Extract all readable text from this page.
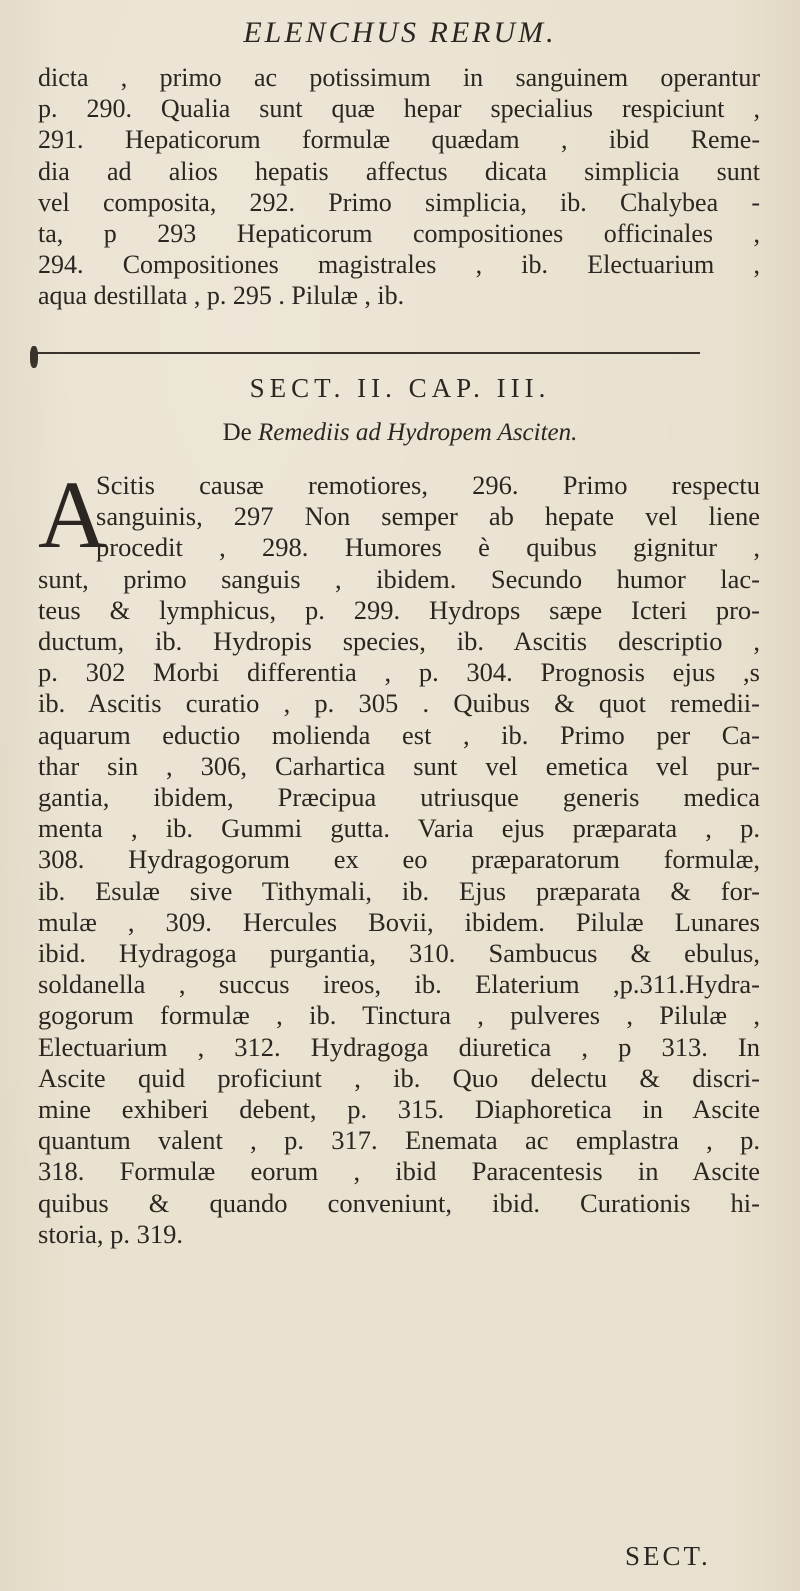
ELENCHUS RERUM.
dicta , primo ac potissimum in sanguinem operantur
p. 290. Qualia sunt quæ hepar specialius respiciunt ,
291. Hepaticorum formulæ quædam , ibid Reme-
dia ad alios hepatis affectus dicata simplicia sunt
vel composita, 292. Primo simplicia, ib. Chalybea -
ta, p 293 Hepaticorum compositiones officinales ,
294. Compositiones magistrales , ib. Electuarium ,
aqua destillata , p. 295 . Pilulæ , ib.
SECT. II. CAP. III.
De Remediis ad Hydropem Asciten.
A
Scitis causæ remotiores, 296. Primo respectu
sanguinis, 297 Non semper ab hepate vel liene
procedit , 298. Humores è quibus gignitur ,
sunt, primo sanguis , ibidem. Secundo humor lac-
teus & lymphicus, p. 299. Hydrops sæpe Icteri pro-
ductum, ib. Hydropis species, ib. Ascitis descriptio ,
p. 302 Morbi differentia , p. 304. Prognosis ejus ,s
ib. Ascitis curatio , p. 305 . Quibus & quot remedii-
aquarum eductio molienda est , ib. Primo per Ca-
thar sin , 306, Carhartica sunt vel emetica vel pur-
gantia, ibidem, Præcipua utriusque generis medica
menta , ib. Gummi gutta. Varia ejus præparata , p.
308. Hydragogorum ex eo præparatorum formulæ,
ib. Esulæ sive Tithymali, ib. Ejus præparata & for-
mulæ , 309. Hercules Bovii, ibidem. Pilulæ Lunares
ibid. Hydragoga purgantia, 310. Sambucus & ebulus,
soldanella , succus ireos, ib. Elaterium ,p.311.Hydra-
gogorum formulæ , ib. Tinctura , pulveres , Pilulæ ,
Electuarium , 312. Hydragoga diuretica , p 313. In
Ascite quid proficiunt , ib. Quo delectu & discri-
mine exhiberi debent, p. 315. Diaphoretica in Ascite
quantum valent , p. 317. Enemata ac emplastra , p.
318. Formulæ eorum , ibid Paracentesis in Ascite
quibus & quando conveniunt, ibid. Curationis hi-
storia, p. 319.
SECT.
